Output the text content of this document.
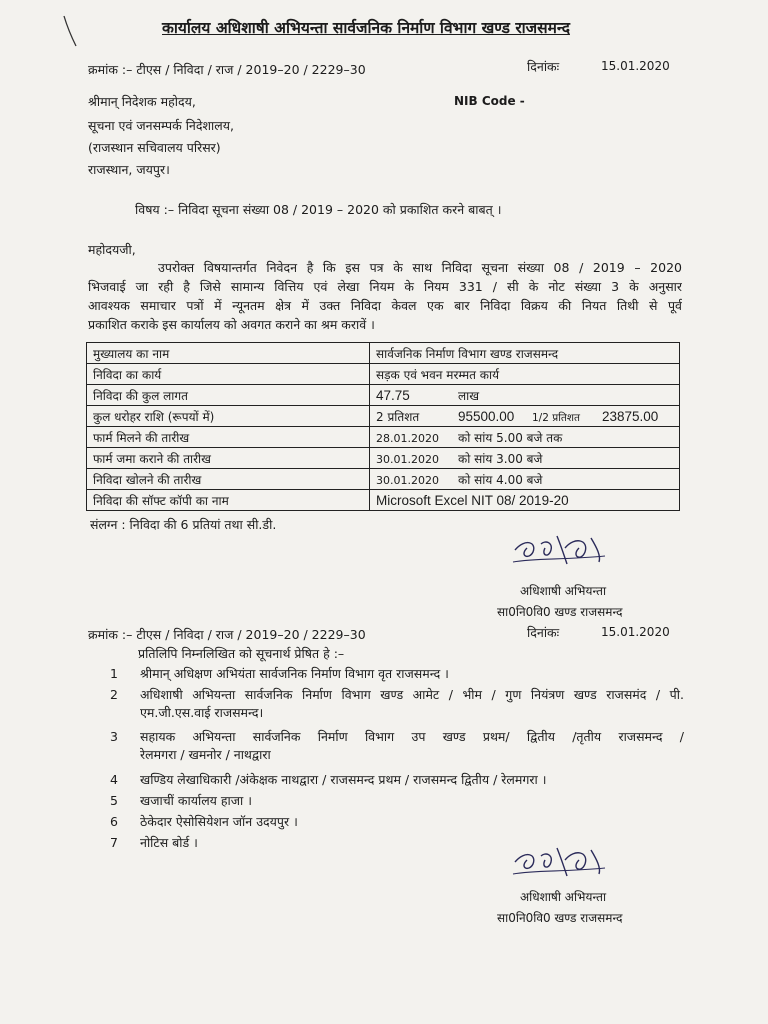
कार्यालय अधिशाषी अभियन्ता सार्वजनिक निर्माण विभाग खण्ड राजसमन्द
क्रमांक :– टीएस / निविदा / राज / 2019–20 / 2229–30	दिनांकः	15.01.2020
श्रीमान् निदेशक महोदय,
सूचना एवं जनसम्पर्क निदेशालय,
(राजस्थान सचिवालय परिसर)
राजस्थान, जयपुर।
NIB Code -
विषय :– निविदा सूचना संख्या 08 / 2019 – 2020 को प्रकाशित करने बाबत् ।
महोदयजी,
उपरोक्त विषयान्तर्गत निवेदन है कि इस पत्र के साथ निविदा सूचना संख्या 08 / 2019 – 2020
भिजवाई जा रही है जिसे सामान्य वित्तिय एवं लेखा नियम के नियम 331 / सी के नोट संख्या 3 के अनुसार
आवश्यक समाचार पत्रों में न्यूनतम क्षेत्र में उक्त निविदा केवल एक बार निविदा विक्रय की नियत तिथी से पूर्व
प्रकाशित कराके इस कार्यालय को अवगत कराने का श्रम करावें ।
मुख्यालय का नाम	सार्वजनिक निर्माण विभाग खण्ड राजसमन्द
निविदा का कार्य	सड़क एवं भवन मरम्मत कार्य
निविदा की कुल लागत	47.75 लाख
कुल धरोहर राशि (रूपयों में)	2 प्रतिशत 95500.00 1/2 प्रतिशत 23875.00
फार्म मिलने की तारीख	28.01.2020 को सांय 5.00 बजे तक
फार्म जमा कराने की तारीख	30.01.2020 को सांय 3.00 बजे
निविदा खोलने की तारीख	30.01.2020 को सांय 4.00 बजे
निविदा की सॉफ्ट कॉपी का नाम	Microsoft Excel NIT 08/ 2019-20
संलग्न : निविदा की 6 प्रतियां तथा सी.डी.
अधिशाषी अभियन्ता
सा0नि0वि0 खण्ड राजसमन्द
क्रमांक :– टीएस / निविदा / राज / 2019–20 / 2229–30	दिनांकः	15.01.2020
प्रतिलिपि निम्नलिखित को सूचनार्थ प्रेषित हे :–
1 श्रीमान् अधिक्षण अभियंता सार्वजनिक निर्माण विभाग वृत राजसमन्द ।
2 अधिशाषी अभियन्ता सार्वजनिक निर्माण विभाग खण्ड आमेट / भीम / गुण नियंत्रण खण्ड राजसमंद / पी.
एम.जी.एस.वाई राजसमन्द।
3 सहायक अभियन्ता सार्वजनिक निर्माण विभाग उप खण्ड प्रथम/ द्वितीय /तृतीय राजसमन्द /
रेलमगरा / खमनोर / नाथद्वारा
4 खण्डिय लेखाधिकारी /अंकेक्षक नाथद्वारा / राजसमन्द प्रथम / राजसमन्द द्वितीय / रेलमगरा ।
5 खजाचीं कार्यालय हाजा ।
6 ठेकेदार ऐसोसियेशन जॉन उदयपुर ।
7 नोटिस बोर्ड ।
अधिशाषी अभियन्ता
सा0नि0वि0 खण्ड राजसमन्द
